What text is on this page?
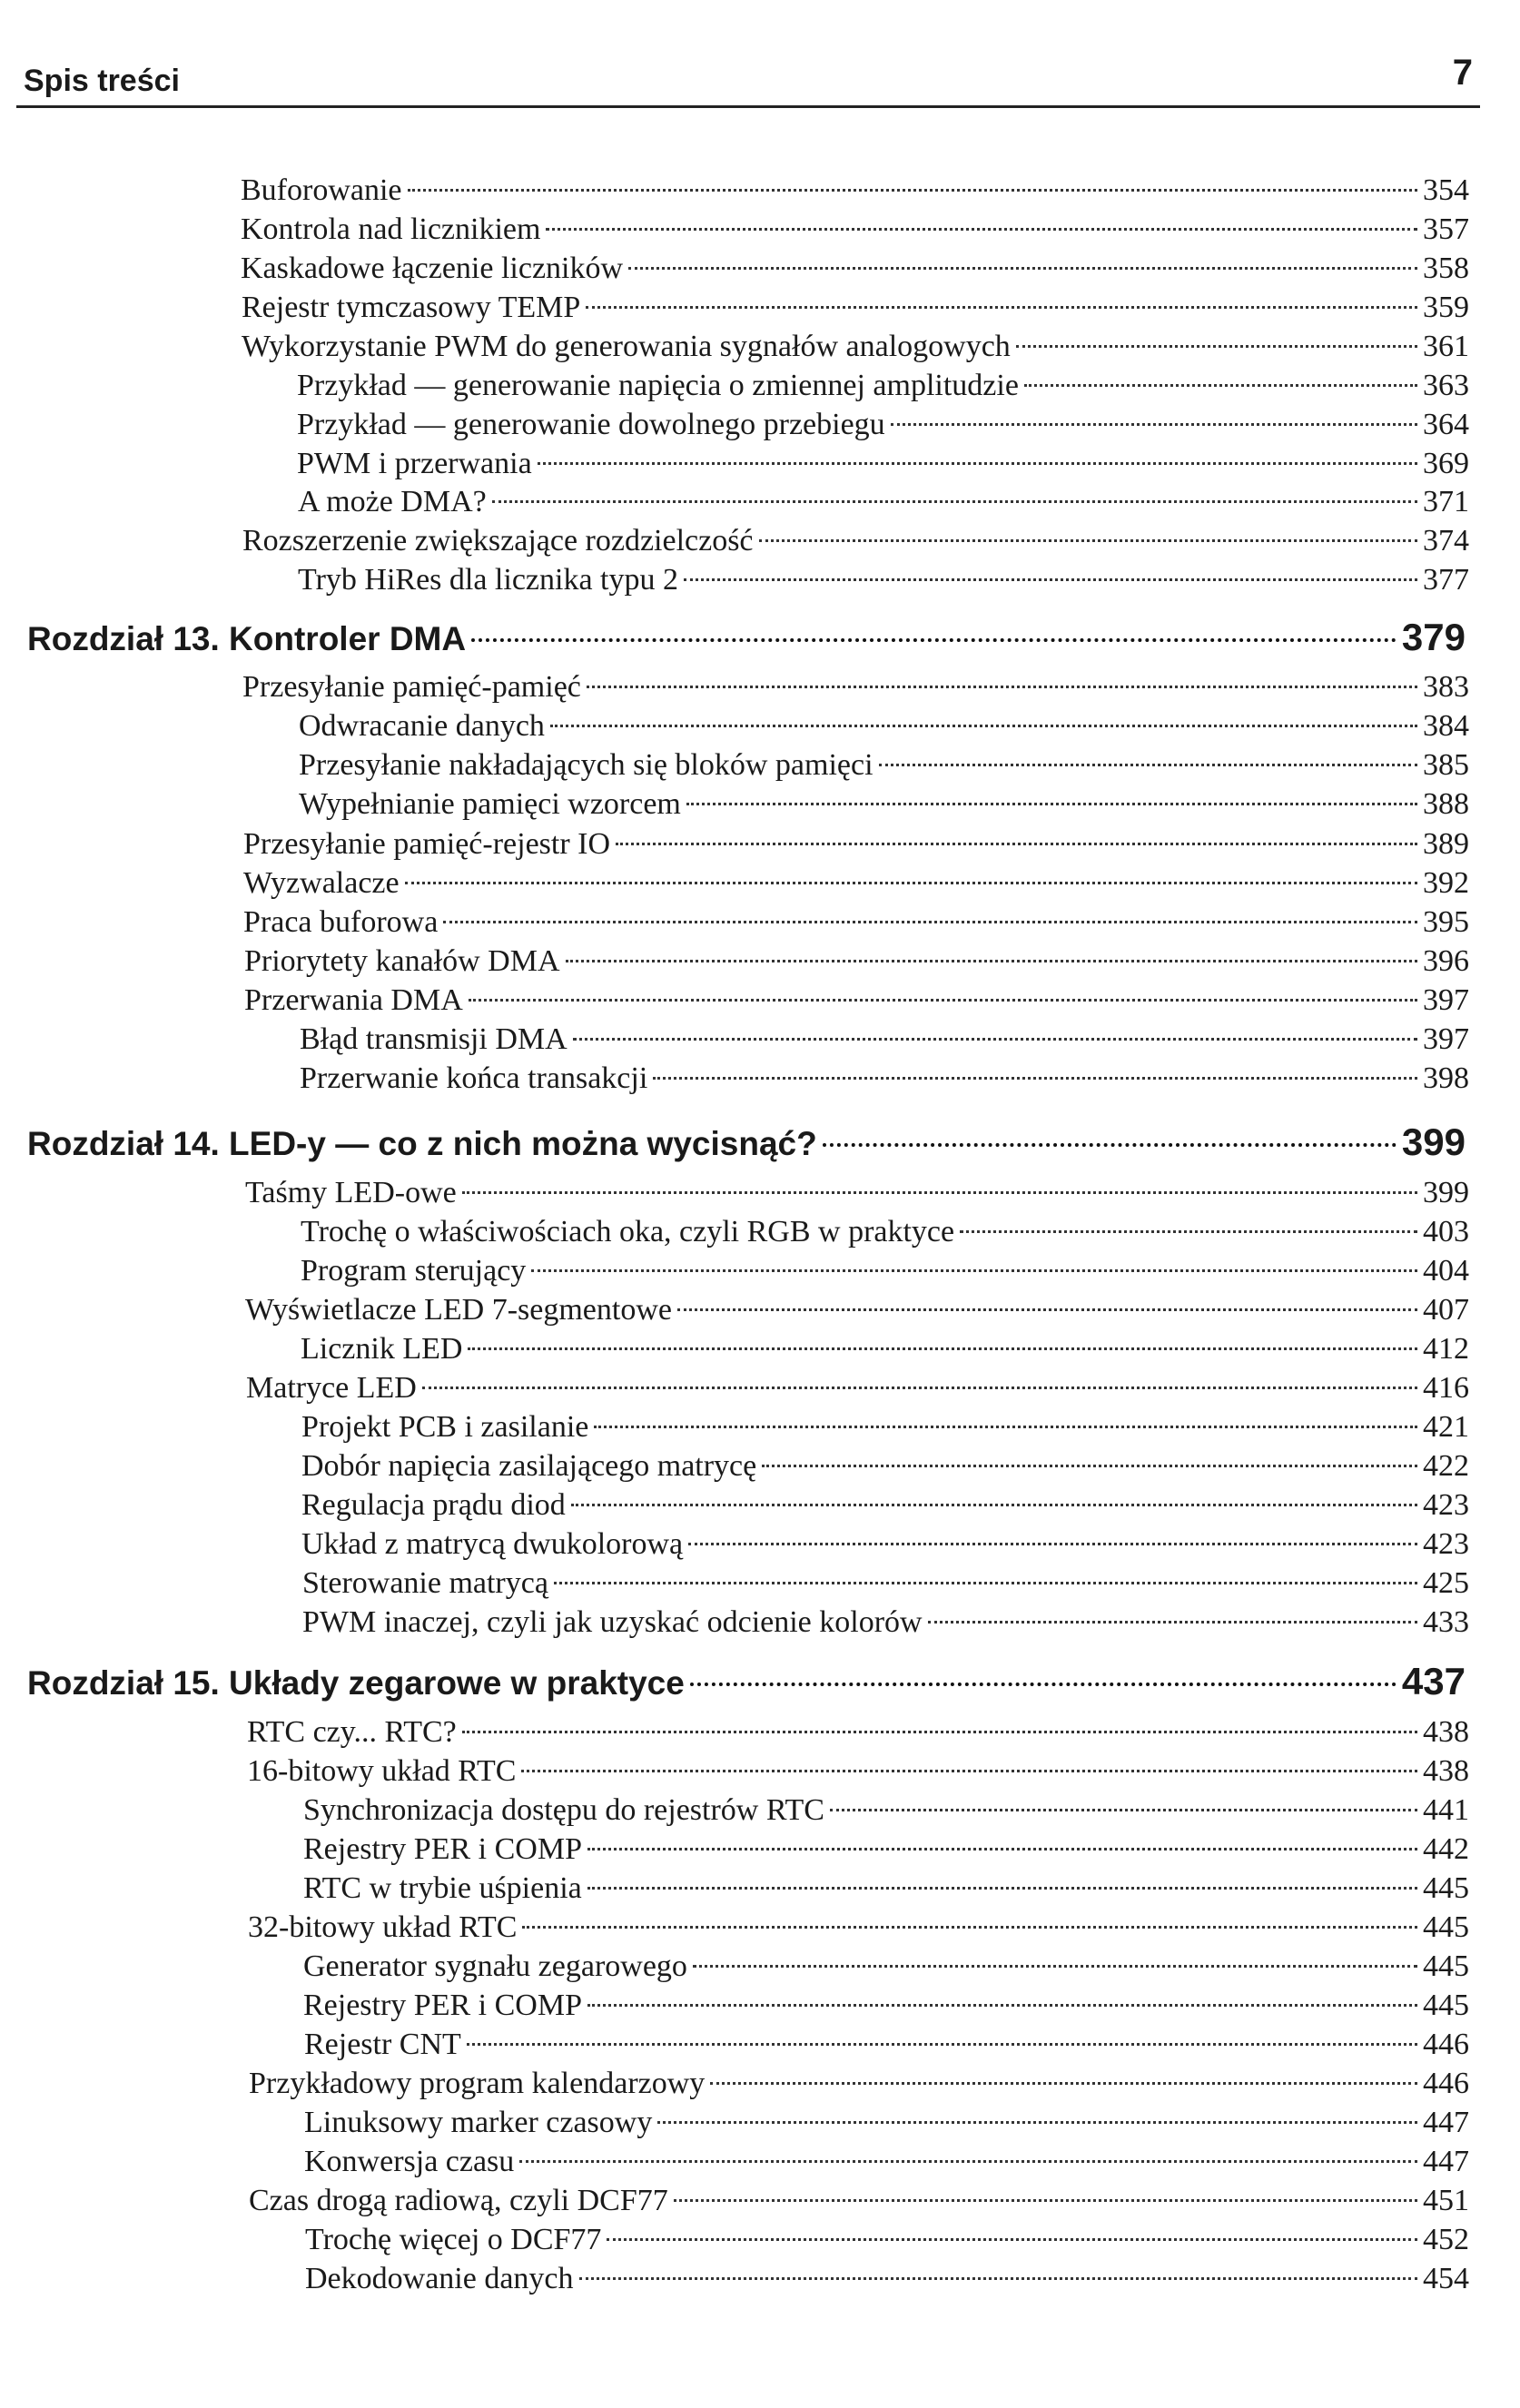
Spis treści	7
Buforowanie	354
Kontrola nad licznikiem	357
Kaskadowe łączenie liczników	358
Rejestr tymczasowy TEMP	359
Wykorzystanie PWM do generowania sygnałów analogowych	361
Przykład — generowanie napięcia o zmiennej amplitudzie	363
Przykład — generowanie dowolnego przebiegu	364
PWM i przerwania	369
A może DMA?	371
Rozszerzenie zwiększające rozdzielczość	374
Tryb HiRes dla licznika typu 2	377
Rozdział 13. Kontroler DMA	379
Przesyłanie pamięć-pamięć	383
Odwracanie danych	384
Przesyłanie nakładających się bloków pamięci	385
Wypełnianie pamięci wzorcem	388
Przesyłanie pamięć-rejestr IO	389
Wyzwalacze	392
Praca buforowa	395
Priorytety kanałów DMA	396
Przerwania DMA	397
Błąd transmisji DMA	397
Przerwanie końca transakcji	398
Rozdział 14. LED-y — co z nich można wycisnąć?	399
Taśmy LED-owe	399
Trochę o właściwościach oka, czyli RGB w praktyce	403
Program sterujący	404
Wyświetlacze LED 7-segmentowe	407
Licznik LED	412
Matryce LED	416
Projekt PCB i zasilanie	421
Dobór napięcia zasilającego matrycę	422
Regulacja prądu diod	423
Układ z matrycą dwukolorową	423
Sterowanie matrycą	425
PWM inaczej, czyli jak uzyskać odcienie kolorów	433
Rozdział 15. Układy zegarowe w praktyce	437
RTC czy... RTC?	438
16-bitowy układ RTC	438
Synchronizacja dostępu do rejestrów RTC	441
Rejestry PER i COMP	442
RTC w trybie uśpienia	445
32-bitowy układ RTC	445
Generator sygnału zegarowego	445
Rejestry PER i COMP	445
Rejestr CNT	446
Przykładowy program kalendarzowy	446
Linuksowy marker czasowy	447
Konwersja czasu	447
Czas drogą radiową, czyli DCF77	451
Trochę więcej o DCF77	452
Dekodowanie danych	454
